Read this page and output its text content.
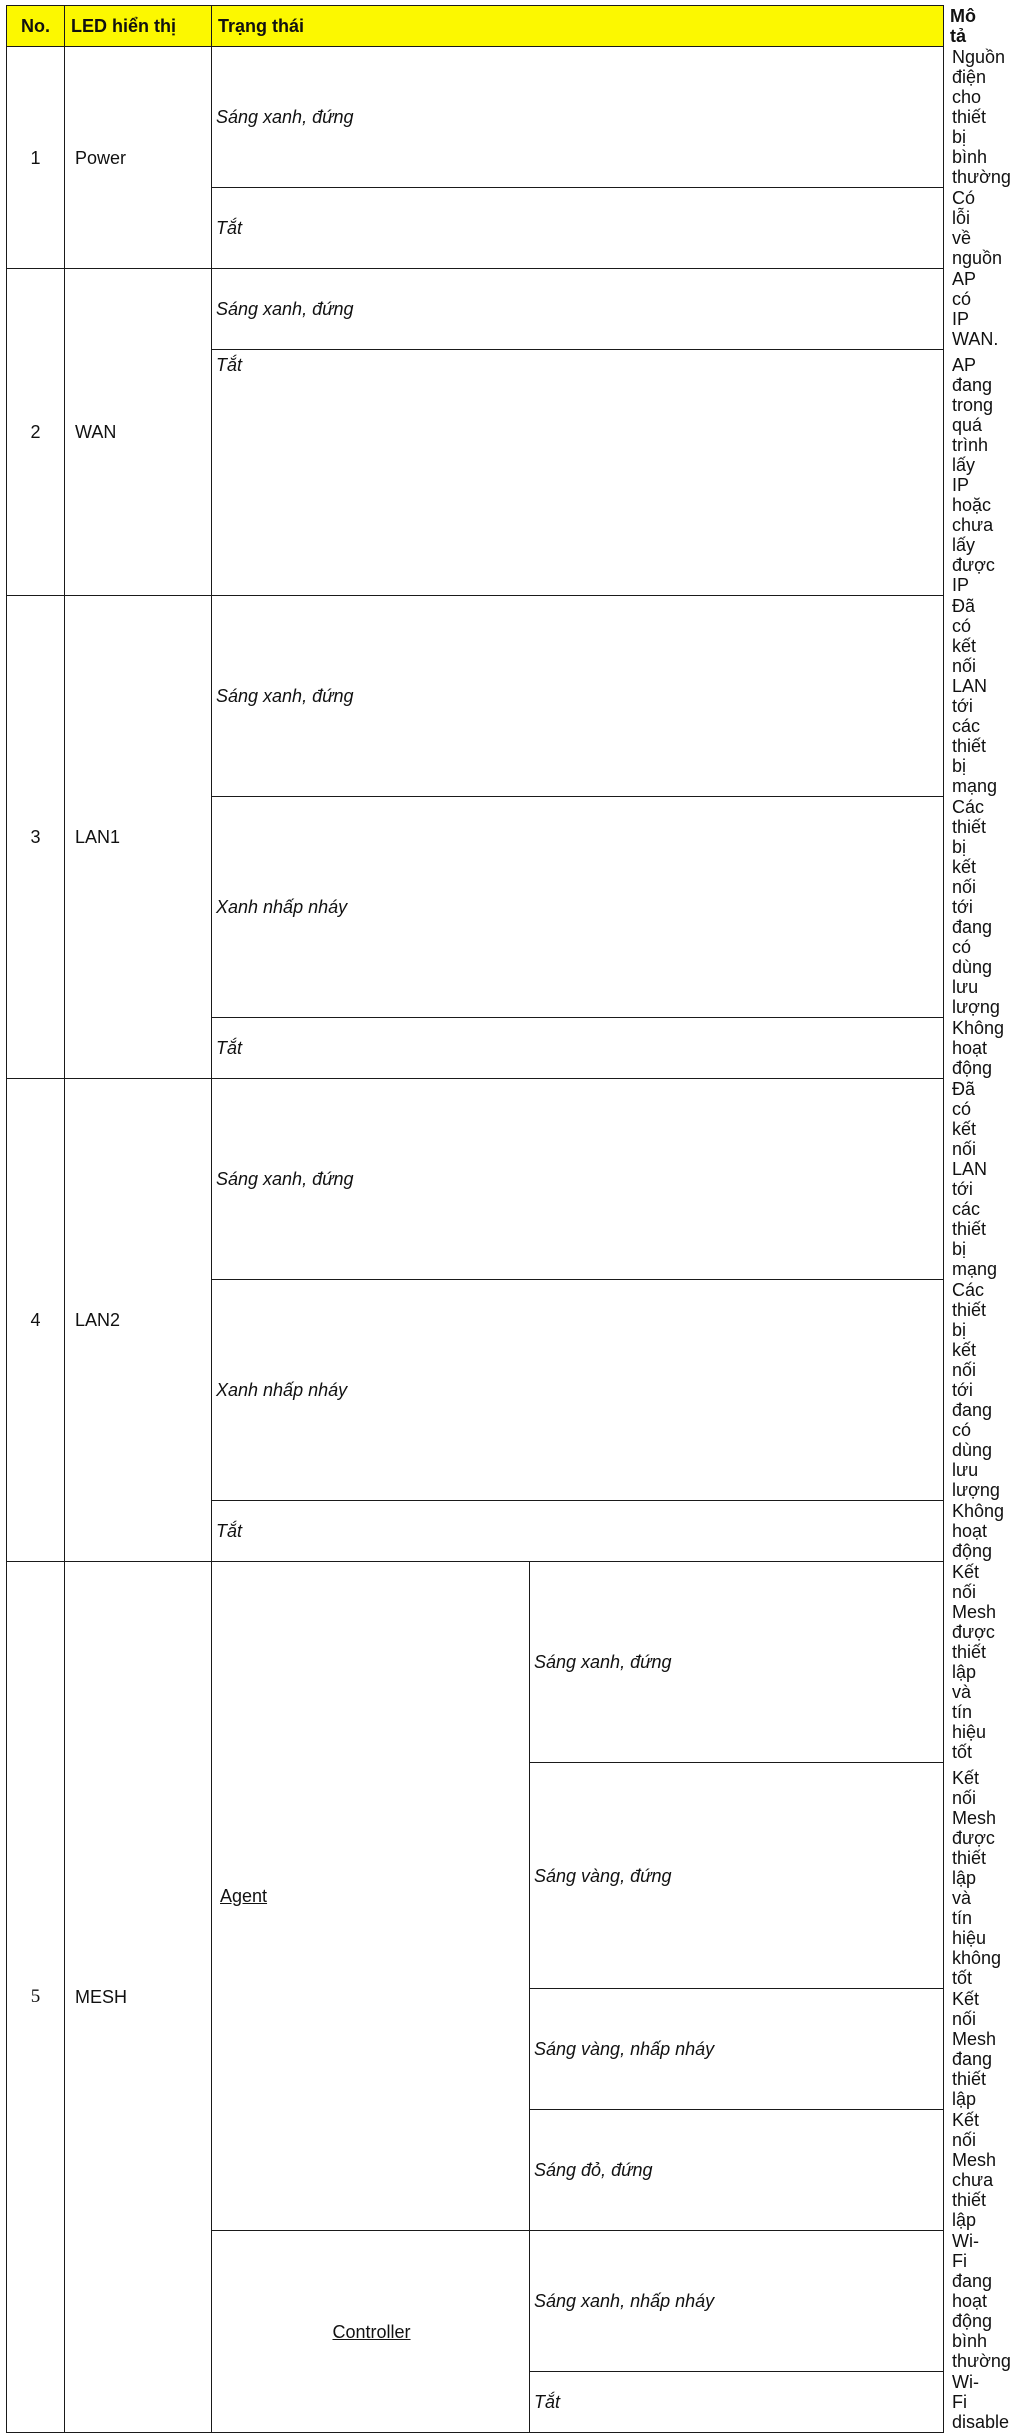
No.	LED hiển thị	Trạng thái		Mô tả
1	Power	Sáng xanh, đứng		Nguồn điện cho thiết bị bình thường
		Tắt		Có lỗi về nguồn
2	WAN	Sáng xanh, đứng		AP có IP WAN.
		Tắt		AP đang trong quá trình lấy IP hoặc chưa lấy được IP
3	LAN1	Sáng xanh, đứng		Đã có kết nối LAN tới các thiết bị mạng
		Xanh nhấp nháy		Các thiết bị kết nối tới đang có dùng lưu lượng
		Tắt		Không hoạt động
4	LAN2	Sáng xanh, đứng		Đã có kết nối LAN tới các thiết bị mạng
		Xanh nhấp nháy		Các thiết bị kết nối tới đang có dùng lưu lượng
		Tắt		Không hoạt động
5	MESH	Agent	Sáng xanh, đứng	Kết nối Mesh được thiết lập và tín hiệu tốt
			Sáng vàng, đứng	Kết nối Mesh được thiết lập và tín hiệu không tốt
			Sáng vàng, nhấp nháy	Kết nối Mesh đang thiết lập
			Sáng đỏ, đứng	Kết nối Mesh chưa thiết lập
		Controller	Sáng xanh, nhấp nháy	Wi-Fi đang hoạt động bình thường
			Tắt	Wi-Fi disable
